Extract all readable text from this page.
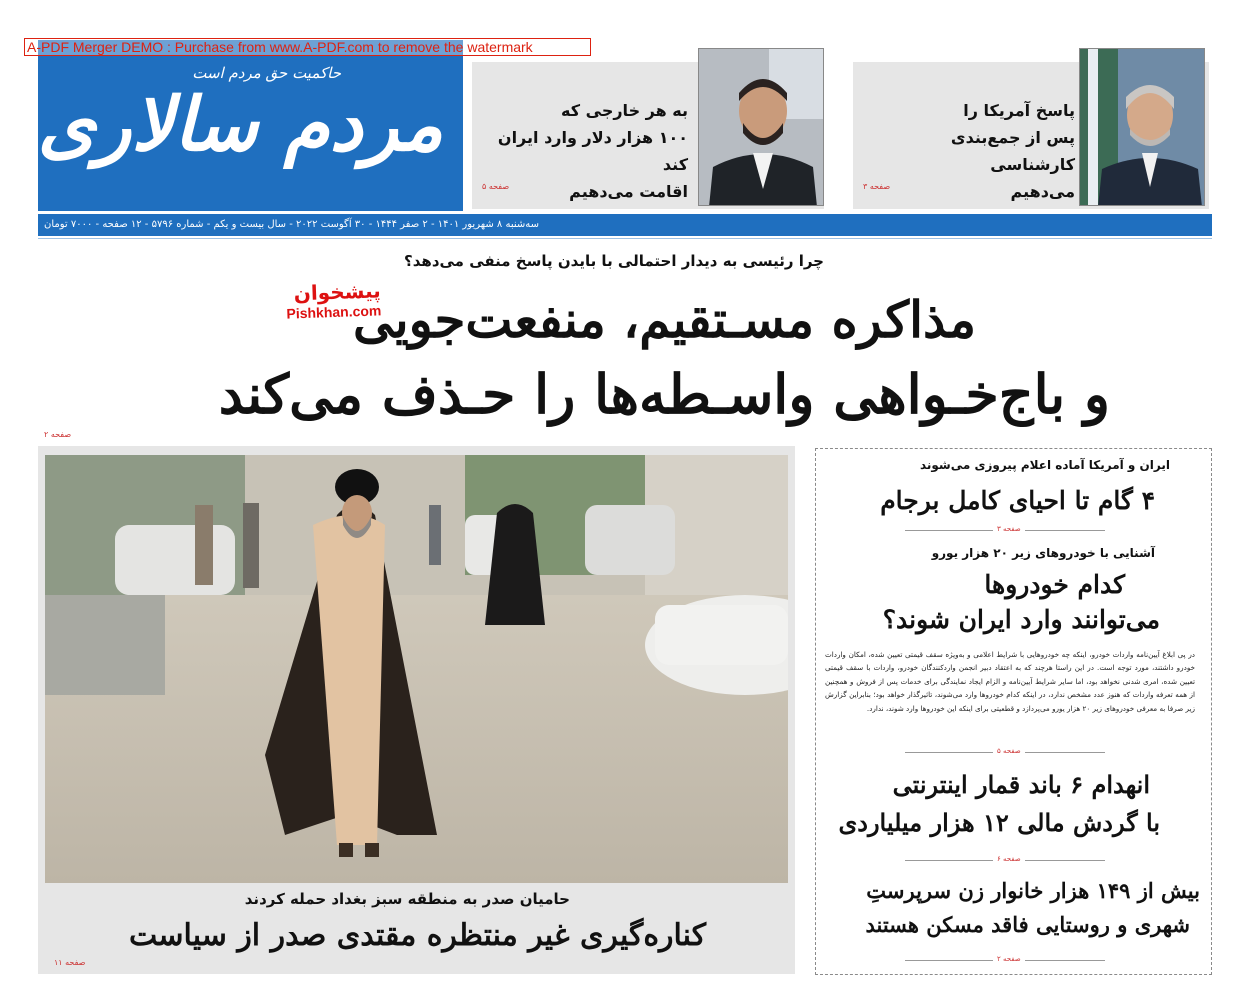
A-PDF Merger DEMO : Purchase from www.A-PDF.com to remove the watermark
حاکمیت حق مردم است
مردم سالاری	به هر خارجی که
۱۰۰ هزار دلار وارد ایران کند
اقامت می‌دهیم
صفحه ۵
پاسخ آمریکا را
پس از جمع‌بندی کارشناسی
می‌دهیم
صفحه ۳
سه‌شنبه ۸ شهریور ۱۴۰۱ - ۲ صفر ۱۴۴۴ - ۳۰ آگوست ۲۰۲۲ - سال بیست و یکم - شماره ۵۷۹۶ - ۱۲ صفحه - ۷۰۰۰ تومان
چرا رئیسی به دیدار احتمالی با بایدن پاسخ منفی می‌دهد؟
مذاکره مسـتقیم، منفعت‌جویی
و باج‌خـواهی واسـطه‌ها را حـذف می‌کند
پیشخوان
Pishkhan.com
صفحه ۲
حامیان صدر به منطقه سبز بغداد حمله کردند
کناره‌گیری غیر منتظره مقتدی صدر از سیاست
صفحه ۱۱
ایران و آمریکا آماده اعلام پیروزی می‌شوند
۴ گام تا احیای کامل برجام
صفحه ۳
آشنایی با خودروهای زیر ۲۰ هزار یورو
کدام خودروها
می‌توانند وارد ایران شوند؟
در پی ابلاغ آیین‌نامه واردات خودرو، اینکه چه خودروهایی با شرایط اعلامی و به‌ویژه سقف قیمتی تعیین شده، امکان واردات خودرو داشتند، مورد توجه است. در این راستا هرچند که به اعتقاد دبیر انجمن واردکنندگان خودرو، واردات با سقف قیمتی تعیین شده، امری شدنی نخواهد بود، اما سایر شرایط آیین‌نامه و الزام ایجاد نمایندگی برای خدمات پس از فروش و همچنین از همه تعرفه واردات که هنوز عدد مشخص ندارد، در اینکه کدام خودروها وارد می‌شوند، تاثیرگذار خواهد بود؛ بنابراین گزارش زیر صرفا به معرفی خودروهای زیر ۲۰ هزار یورو می‌پردازد و قطعیتی برای اینکه این خودروها وارد شوند، ندارد.
صفحه ۵
انهدام ۶ باند قمار اینترنتی
با گردش مالی ۱۲ هزار میلیاردی
صفحه ۶
بیش از ۱۴۹ هزار خانوار زن سرپرستِ
شهری و روستایی فاقد مسکن هستند
صفحه ۲
